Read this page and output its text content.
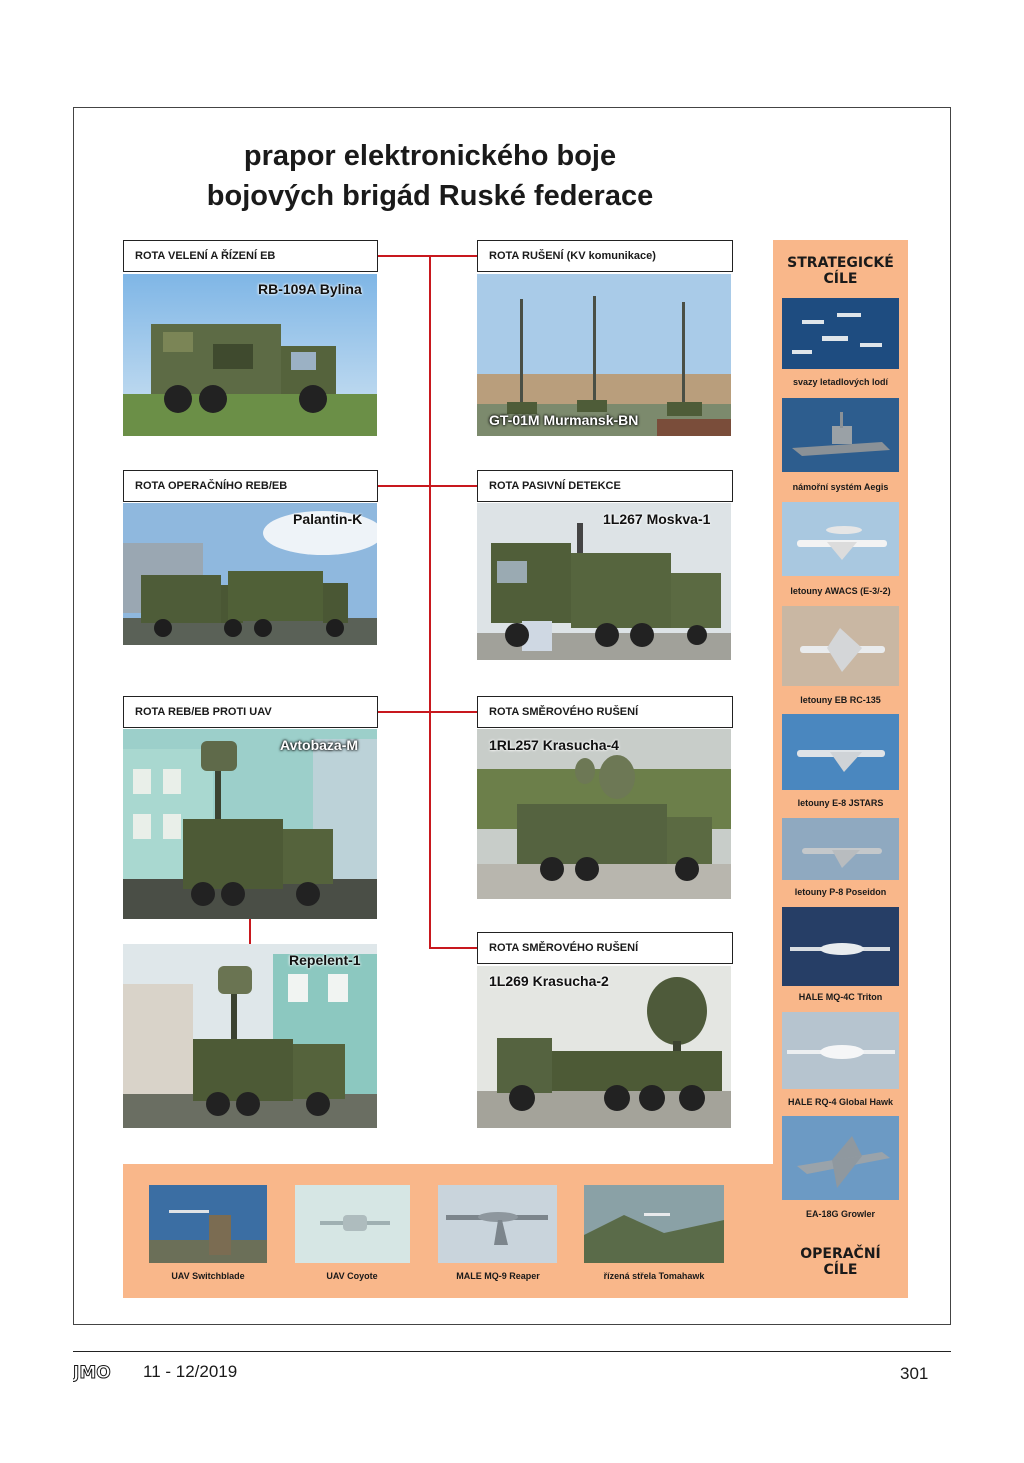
prapor elektronického boje
bojových brigád Ruské federace
ROTA VELENÍ A ŘÍZENÍ EB
RB-109A Bylina
ROTA OPERAČNÍHO REB/EB
Palantin-K
ROTA REB/EB PROTI UAV
Avtobaza-M
Repelent-1
ROTA RUŠENÍ (KV komunikace)
GT-01M Murmansk-BN
ROTA PASIVNÍ DETEKCE
1L267 Moskva-1
ROTA SMĚROVÉHO RUŠENÍ
1RL257 Krasucha-4
ROTA SMĚROVÉHO RUŠENÍ
1L269 Krasucha-2
STRATEGICKÉ
CÍLE
svazy letadlových lodí
námořní systém Aegis
letouny AWACS (E-3/-2)
letouny EB RC-135
letouny E-8 JSTARS
letouny P-8 Poseidon
HALE MQ-4C Triton
HALE RQ-4 Global Hawk
EA-18G Growler
OPERAČNÍ
CÍLE
UAV Switchblade	UAV Coyote	MALE MQ-9 Reaper	řízená střela Tomahawk
JMO 11 - 12/2019	301
